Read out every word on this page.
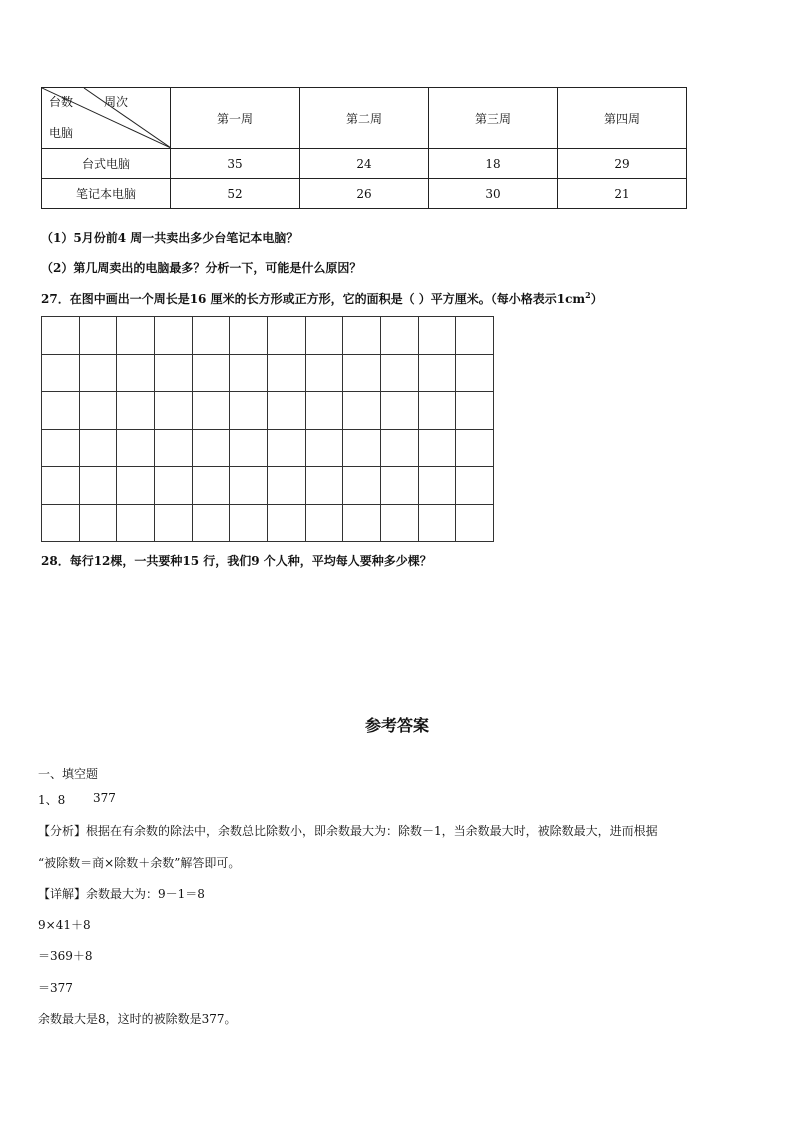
台数 周次
电脑	第一周	第二周	第三周	第四周
台式电脑	35	24	18	29
笔记本电脑	52	26	30	21
（1）5月份前4 周一共卖出多少台笔记本电脑？
（2）第几周卖出的电脑最多？分析一下，可能是什么原因？
27．在图中画出一个周长是16 厘米的长方形或正方形，它的面积是（ ）平方厘米。（每小格表示$1cm^2$）
28．每行12棵，一共要种15 行，我们9 个人种，平均每人要种多少棵？
参考答案
一、填空题
1、8 377
【分析】根据在有余数的除法中，余数总比除数小，即余数最大为：除数－1，当余数最大时，被除数最大，进而根据
“被除数＝商×除数＋余数”解答即可。
【详解】余数最大为：9－1＝8
9×41＋8
＝369＋8
＝377
余数最大是8，这时的被除数是377。
